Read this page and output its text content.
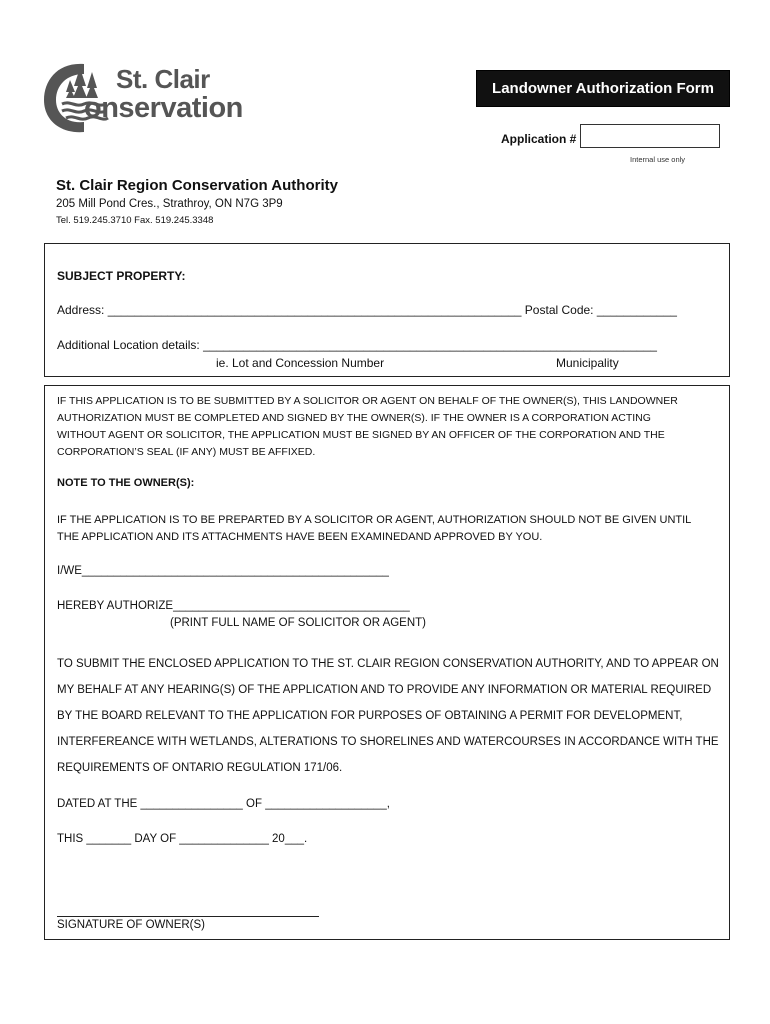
St. Clair
onservation
Landowner Authorization Form
Application #
Internal use only
St. Clair Region Conservation Authority
205 Mill Pond Cres., Strathroy, ON N7G 3P9
Tel. 519.245.3710 Fax. 519.245.3348
SUBJECT PROPERTY:
Address: ______________________________________________________________ Postal Code: ____________
Additional Location details: ____________________________________________________________________
ie. Lot and Concession Number	Municipality
IF THIS APPLICATION IS TO BE SUBMITTED BY A SOLICITOR OR AGENT ON BEHALF OF THE OWNER(S), THIS LANDOWNER
AUTHORIZATION MUST BE COMPLETED AND SIGNED BY THE OWNER(S). IF THE OWNER IS A CORPORATION ACTING
WITHOUT AGENT OR SOLICITOR, THE APPLICATION MUST BE SIGNED BY AN OFFICER OF THE CORPORATION AND THE
CORPORATION’S SEAL (IF ANY) MUST BE AFFIXED.
NOTE TO THE OWNER(S):
IF THE APPLICATION IS TO BE PREPARTED BY A SOLICITOR OR AGENT, AUTHORIZATION SHOULD NOT BE GIVEN UNTIL
THE APPLICATION AND ITS ATTACHMENTS HAVE BEEN EXAMINEDAND APPROVED BY YOU.
I/WE________________________________________________
HEREBY AUTHORIZE_____________________________________
(PRINT FULL NAME OF SOLICITOR OR AGENT)
TO SUBMIT THE ENCLOSED APPLICATION TO THE ST. CLAIR REGION CONSERVATION AUTHORITY, AND TO APPEAR ON
MY BEHALF AT ANY HEARING(S) OF THE APPLICATION AND TO PROVIDE ANY INFORMATION OR MATERIAL REQUIRED
BY THE BOARD RELEVANT TO THE APPLICATION FOR PURPOSES OF OBTAINING A PERMIT FOR DEVELOPMENT,
INTERFEREANCE WITH WETLANDS, ALTERATIONS TO SHORELINES AND WATERCOURSES IN ACCORDANCE WITH THE
REQUIREMENTS OF ONTARIO REGULATION 171/06.
DATED AT THE ________________ OF ___________________,
THIS _______ DAY OF ______________ 20___.
SIGNATURE OF OWNER(S)
